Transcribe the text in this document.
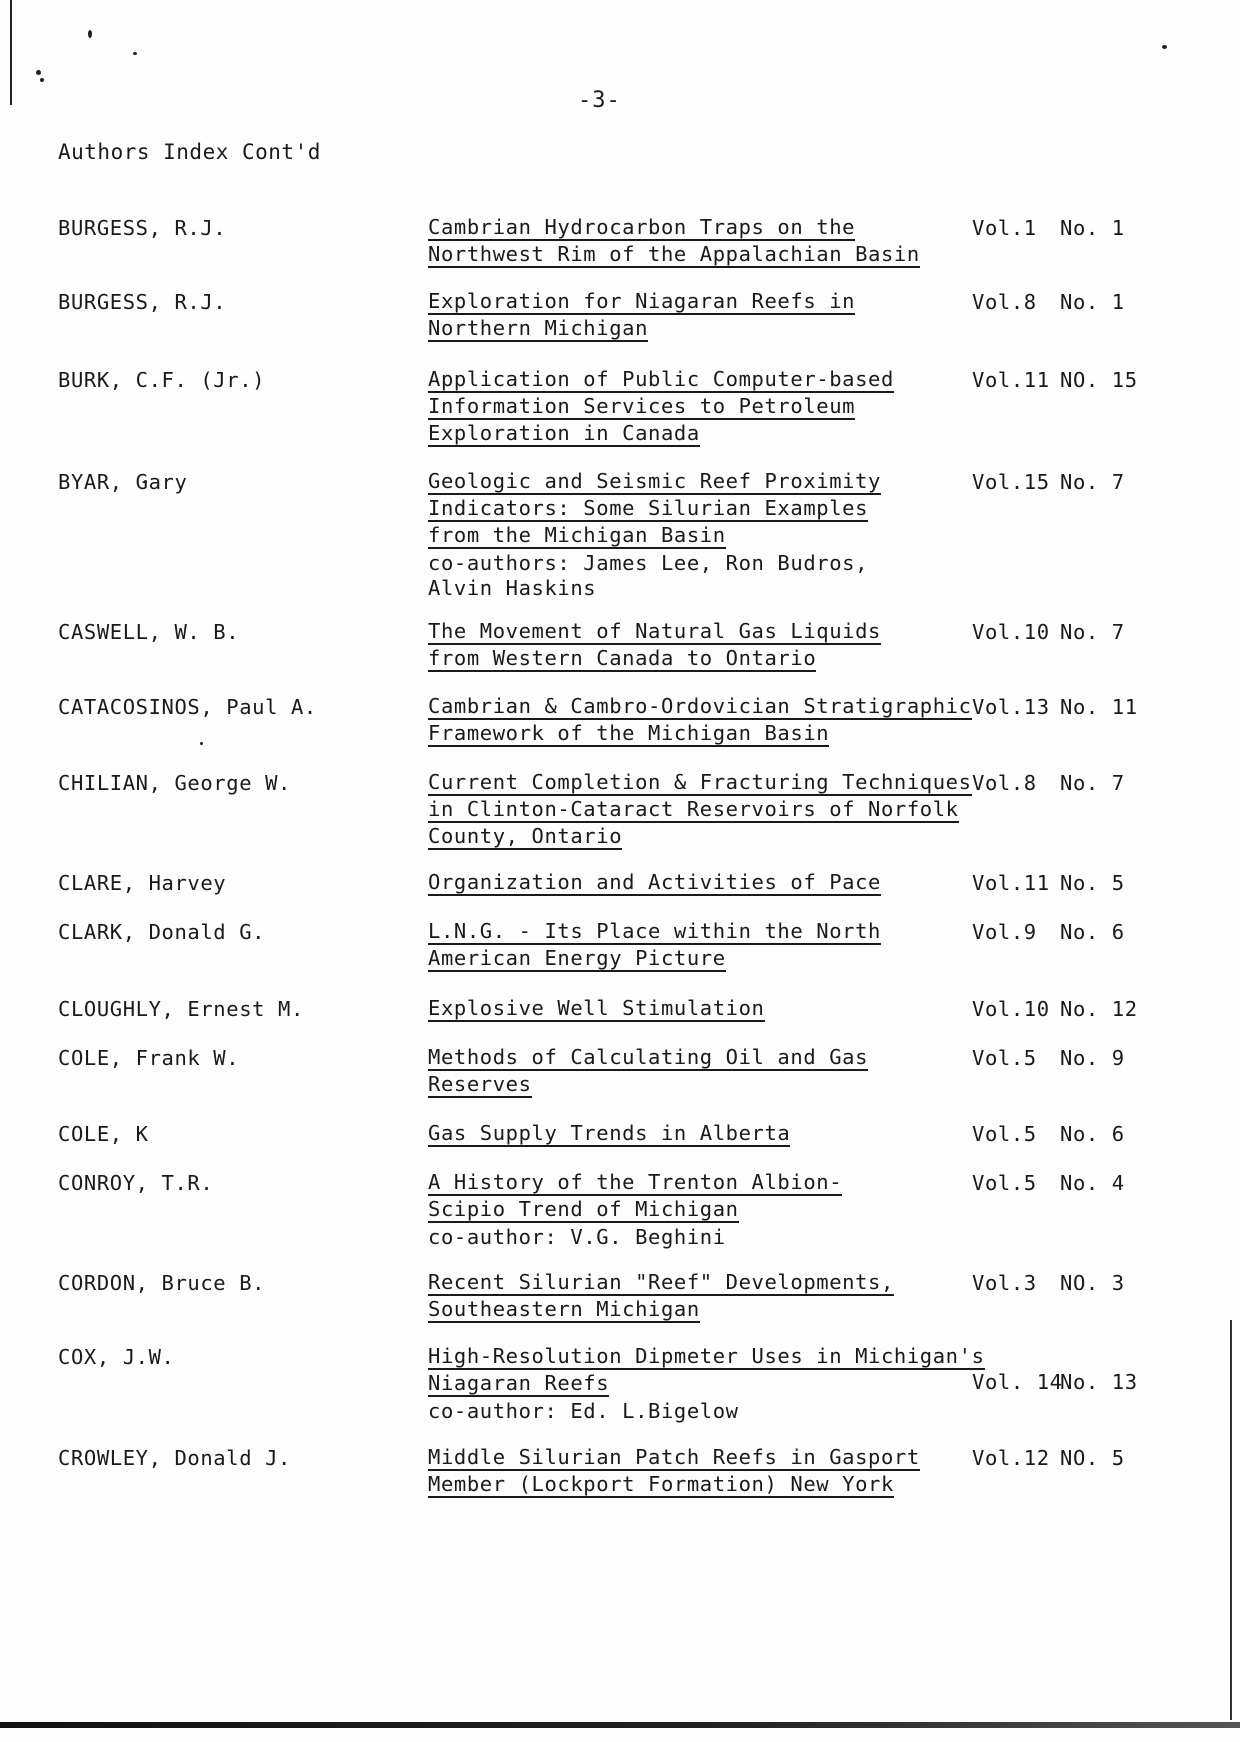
-3-
Authors Index Cont'd
BURGESS, R.J.	Cambrian Hydrocarbon Traps on the
Northwest Rim of the Appalachian Basin
Vol.1 No. 1
BURGESS, R.J.	Exploration for Niagaran Reefs in
Northern Michigan
Vol.8 No. 1
BURK, C.F. (Jr.)	Application of Public Computer-based
Information Services to Petroleum
Exploration in Canada
Vol.11 NO. 15
BYAR, Gary	Geologic and Seismic Reef Proximity
Indicators: Some Silurian Examples
from the Michigan Basin
co-authors: James Lee, Ron Budros,
Alvin Haskins
Vol.15 No. 7
CASWELL, W. B.	The Movement of Natural Gas Liquids
from Western Canada to Ontario
Vol.10 No. 7
CATACOSINOS, Paul A.	Cambrian & Cambro-Ordovician Stratigraphic
Framework of the Michigan Basin
Vol.13 No. 11
CHILIAN, George W.	Current Completion & Fracturing Techniques
in Clinton-Cataract Reservoirs of Norfolk
County, Ontario
Vol.8 No. 7
CLARE, Harvey	Organization and Activities of Pace	Vol.11 No. 5
CLARK, Donald G.	L.N.G. - Its Place within the North
American Energy Picture
Vol.9 No. 6
CLOUGHLY, Ernest M.	Explosive Well Stimulation	Vol.10 No. 12
COLE, Frank W.	Methods of Calculating Oil and Gas
Reserves
Vol.5 No. 9
COLE, K	Gas Supply Trends in Alberta	Vol.5 No. 6
CONROY, T.R.	A History of the Trenton Albion-
Scipio Trend of Michigan
co-author: V.G. Beghini
Vol.5 No. 4
CORDON, Bruce B.	Recent Silurian "Reef" Developments,
Southeastern Michigan
Vol.3 NO. 3
COX, J.W.	High-Resolution Dipmeter Uses in Michigan's
Niagaran Reefs
co-author: Ed. L.Bigelow
Vol. 14No. 13
CROWLEY, Donald J.	Middle Silurian Patch Reefs in Gasport
Member (Lockport Formation) New York
Vol.12 NO. 5
